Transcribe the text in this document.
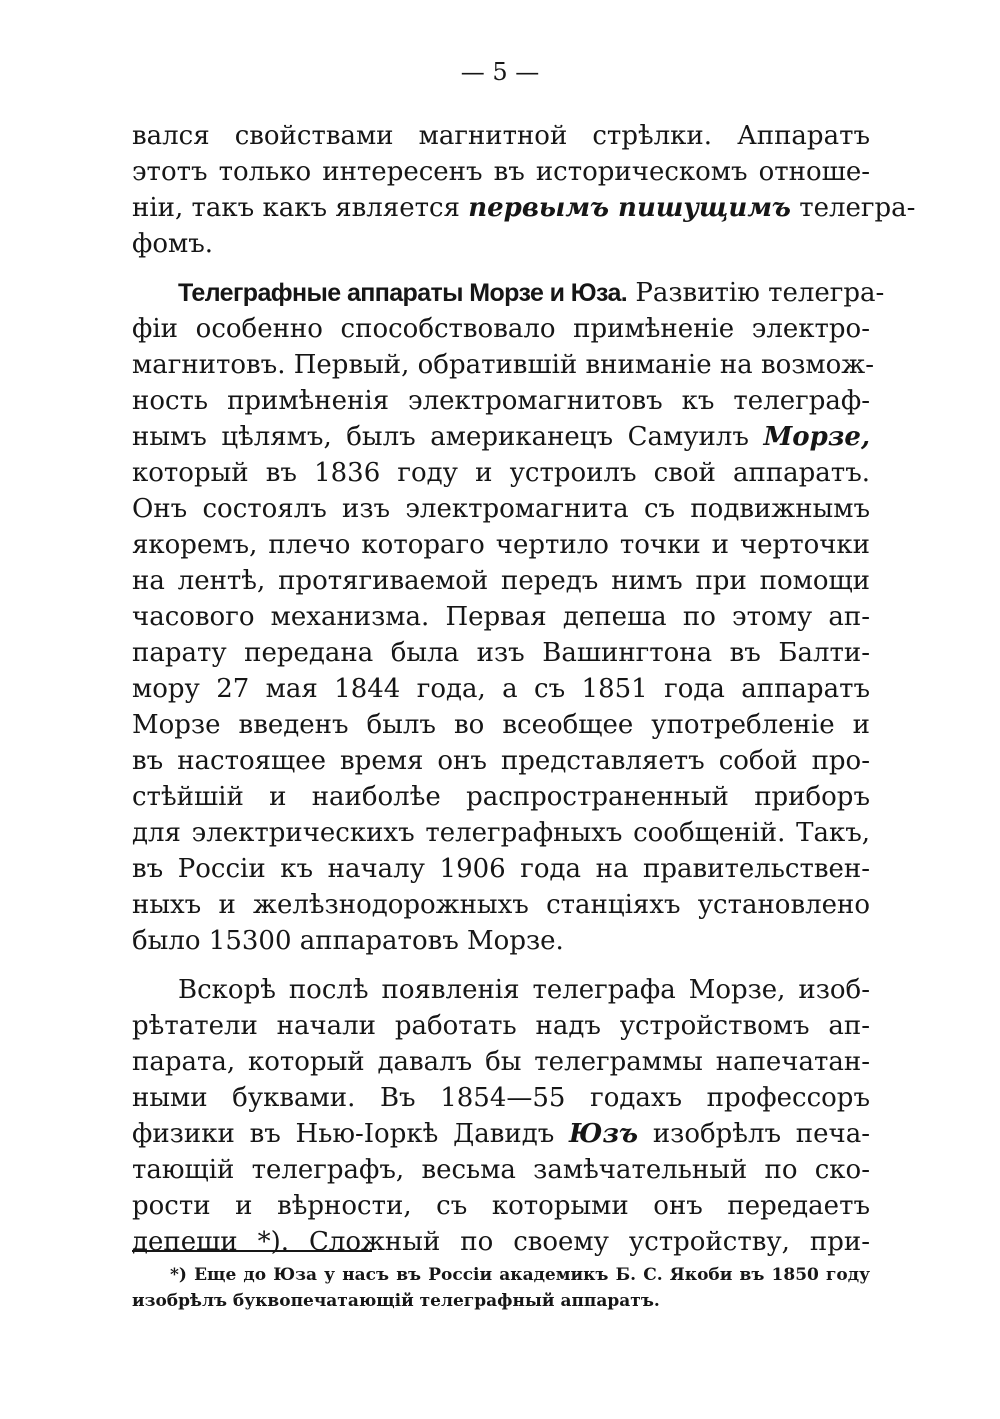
— 5 —
вался свойствами магнитной стрѣлки. Аппаратъ
этотъ только интересенъ въ историческомъ отноше-
нiи, такъ какъ является первымъ пишущимъ телегра-
фомъ.
Телеграфные аппараты Морзе и Юза. Развитiю телегра-
фiи особенно способствовало примѣненiе электро-
магнитовъ. Первый, обратившiй вниманiе на возмож-
ность примѣненiя электромагнитовъ къ телеграф-
нымъ цѣлямъ, былъ американецъ Самуилъ Морзе,
который въ 1836 году и устроилъ свой аппаратъ.
Онъ состоялъ изъ электромагнита съ подвижнымъ
якоремъ, плечо котораго чертило точки и черточки
на лентѣ, протягиваемой передъ нимъ при помощи
часового механизма. Первая депеша по этому ап-
парату передана была изъ Вашингтона въ Балти-
мору 27 мая 1844 года, а съ 1851 года аппаратъ
Морзе введенъ былъ во всеобщее употребленiе и
въ настоящее время онъ представляетъ собой про-
стѣйшiй и наиболѣе распространенный приборъ
для электрическихъ телеграфныхъ сообщенiй. Такъ,
въ Россiи къ началу 1906 года на правительствен-
ныхъ и желѣзнодорожныхъ станцiяхъ установлено
было 15300 аппаратовъ Морзе.
Вскорѣ послѣ появленiя телеграфа Морзе, изоб-
рѣтатели начали работать надъ устройствомъ ап-
парата, который давалъ бы телеграммы напечатан-
ными буквами. Въ 1854—55 годахъ профессоръ
физики въ Нью-Iоркѣ Давидъ Юзъ изобрѣлъ печа-
тающiй телеграфъ, весьма замѣчательный по ско-
рости и вѣрности, съ которыми онъ передаетъ
депеши *). Сложный по своему устройству, при-
*) Еще до Юза у насъ въ Россiи академикъ Б. С. Якоби въ 1850 году
изобрѣлъ буквопечатающiй телеграфный аппаратъ.
